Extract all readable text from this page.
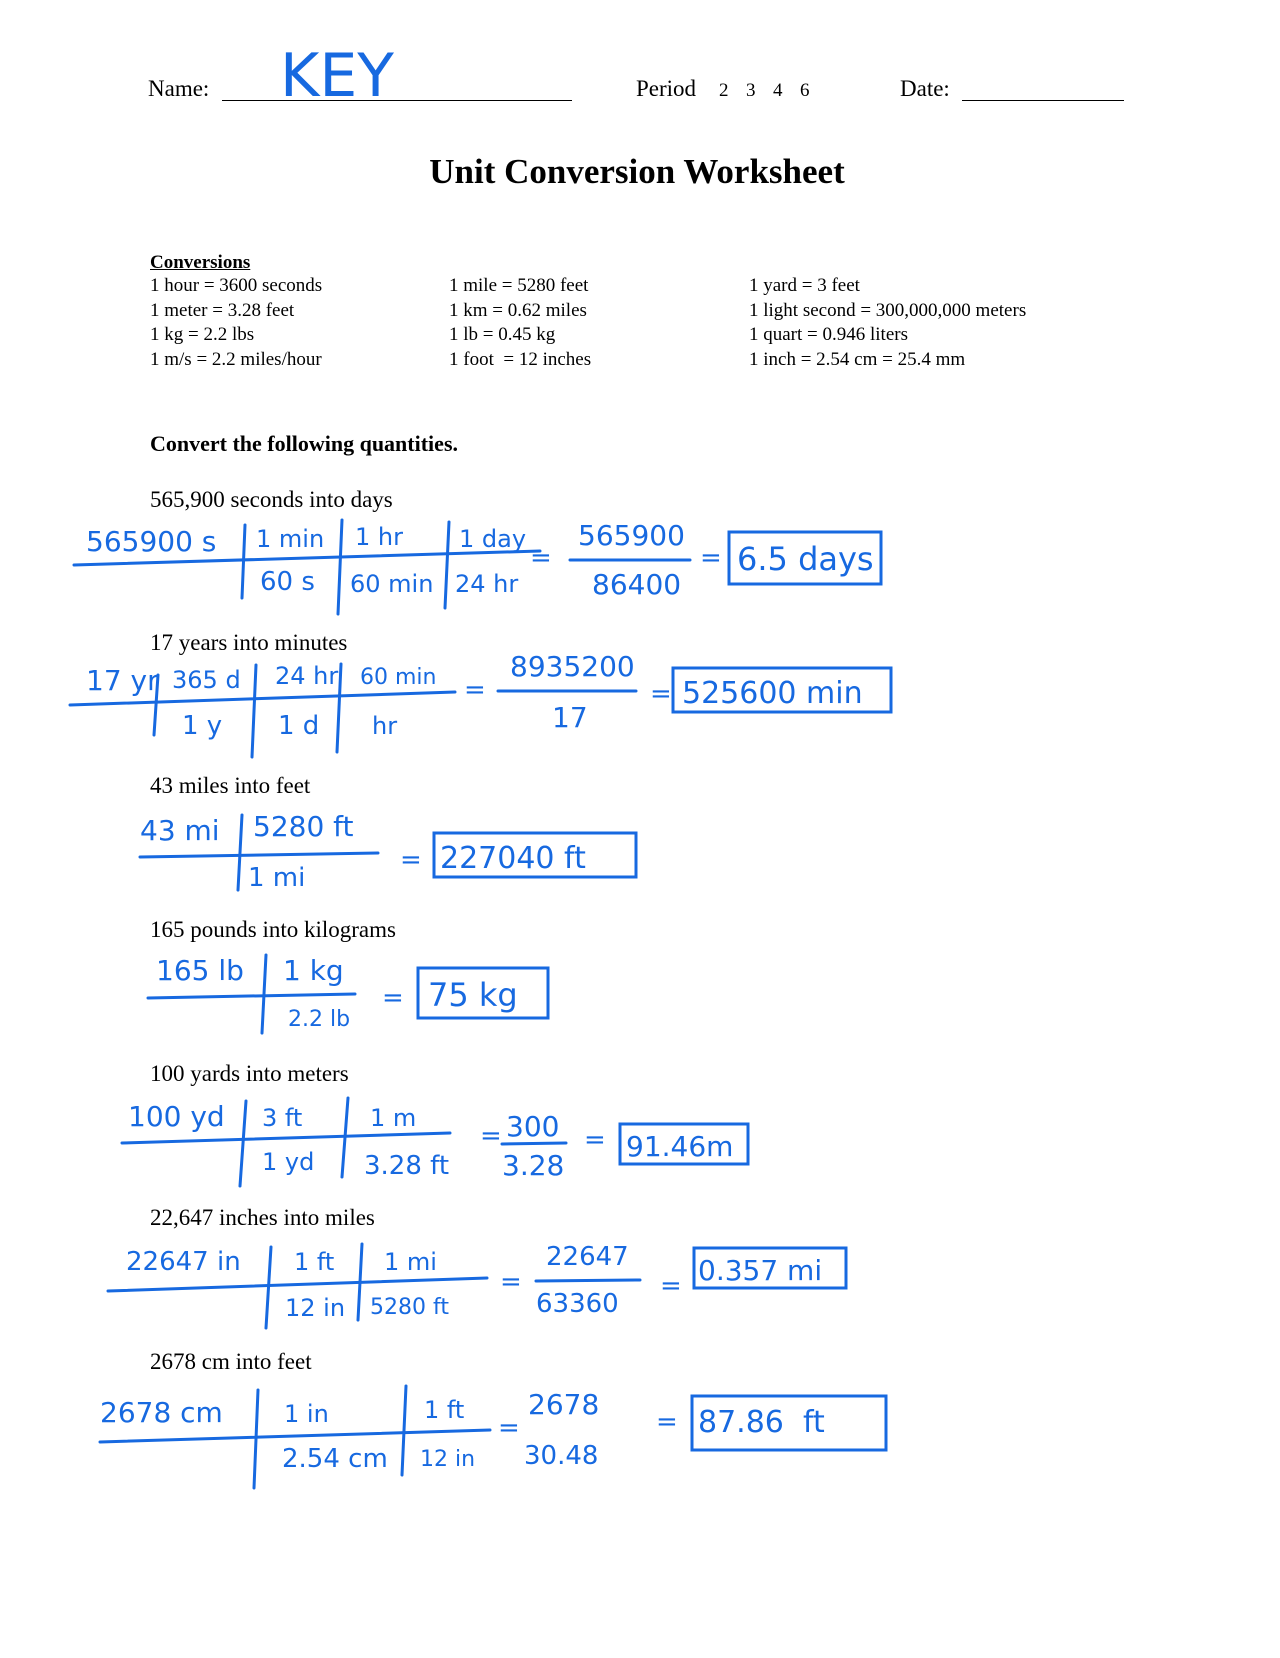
Name:	Period 2  3  4  6	Date:
Unit Conversion Worksheet
Conversions
1 hour = 3600 seconds
1 meter = 3.28 feet
1 kg = 2.2 lbs
1 m/s = 2.2 miles/hour
1 mile = 5280 feet
1 km = 0.62 miles
1 lb = 0.45 kg
1 foot  = 12 inches
1 yard = 3 feet
1 light second = 300,000,000 meters
1 quart = 0.946 liters
1 inch = 2.54 cm = 25.4 mm
Convert the following quantities.
565,900 seconds into days
17 years into minutes
43 miles into feet
165 pounds into kilograms
100 yards into meters
22,647 inches into miles
2678 cm into feet
KEY
565900 s 1 min
60 s
1 hr
60 min
1 day
24 hr
=
565900
86400
= 6.5 days
17 yr 365 d
1 y
24 hr
1 d
60 min
hr
=
8935200
17
= 525600 min
43 mi 5280 ft
1 mi
= 227040 ft
165 lb 1 kg
2.2 lb
= 75 kg
100 yd 3 ft
1 yd
1 m
3.28 ft
= 300
3.28
= 91.46m
22647 in 1 ft
12 in
1 mi
5280 ft
=
22647
63360
= 0.357 mi
2678 cm	1 in
2.54 cm
1 ft
12 in
=
2678
30.48
= 87.86  ft
